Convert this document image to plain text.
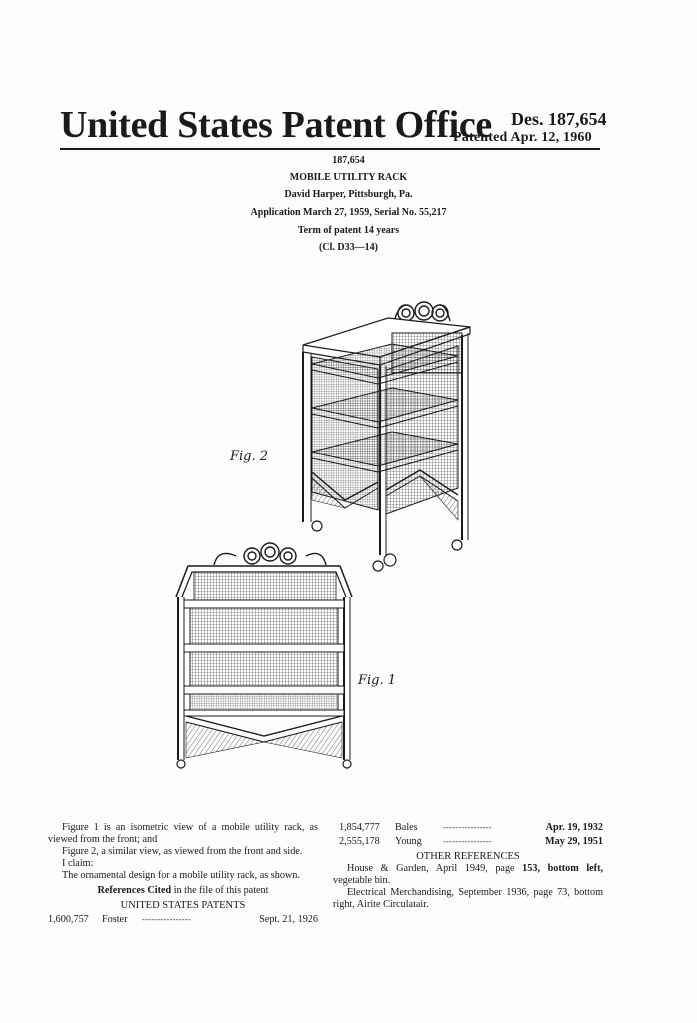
United States Patent Office Des. 187,654
Patented Apr. 12, 1960
187,654
MOBILE UTILITY RACK
David Harper, Pittsburgh, Pa.
Application March 27, 1959, Serial No. 55,217
Term of patent 14 years
(Cl. D33—14)
Fig. 2
Fig. 1

Figure 1 is an isometric view of a mobile utility rack, as viewed from the front; and

Figure 2, a similar view, as viewed from the front and side.

I claim:

The ornamental design for a mobile utility rack, as shown.

References Cited in the file of this patent

UNITED STATES PATENTS

1,600,757	Foster	----------------	Sept. 21, 1926
1,854,777	Bales	----------------	Apr. 19, 1932
2,555,178	Young	----------------	May 29, 1951

OTHER REFERENCES

House & Garden, April 1949, page 153, bottom left, vegetable bin.

Electrical Merchandising, September 1936, page 73, bottom right, Airite Circulatair.
